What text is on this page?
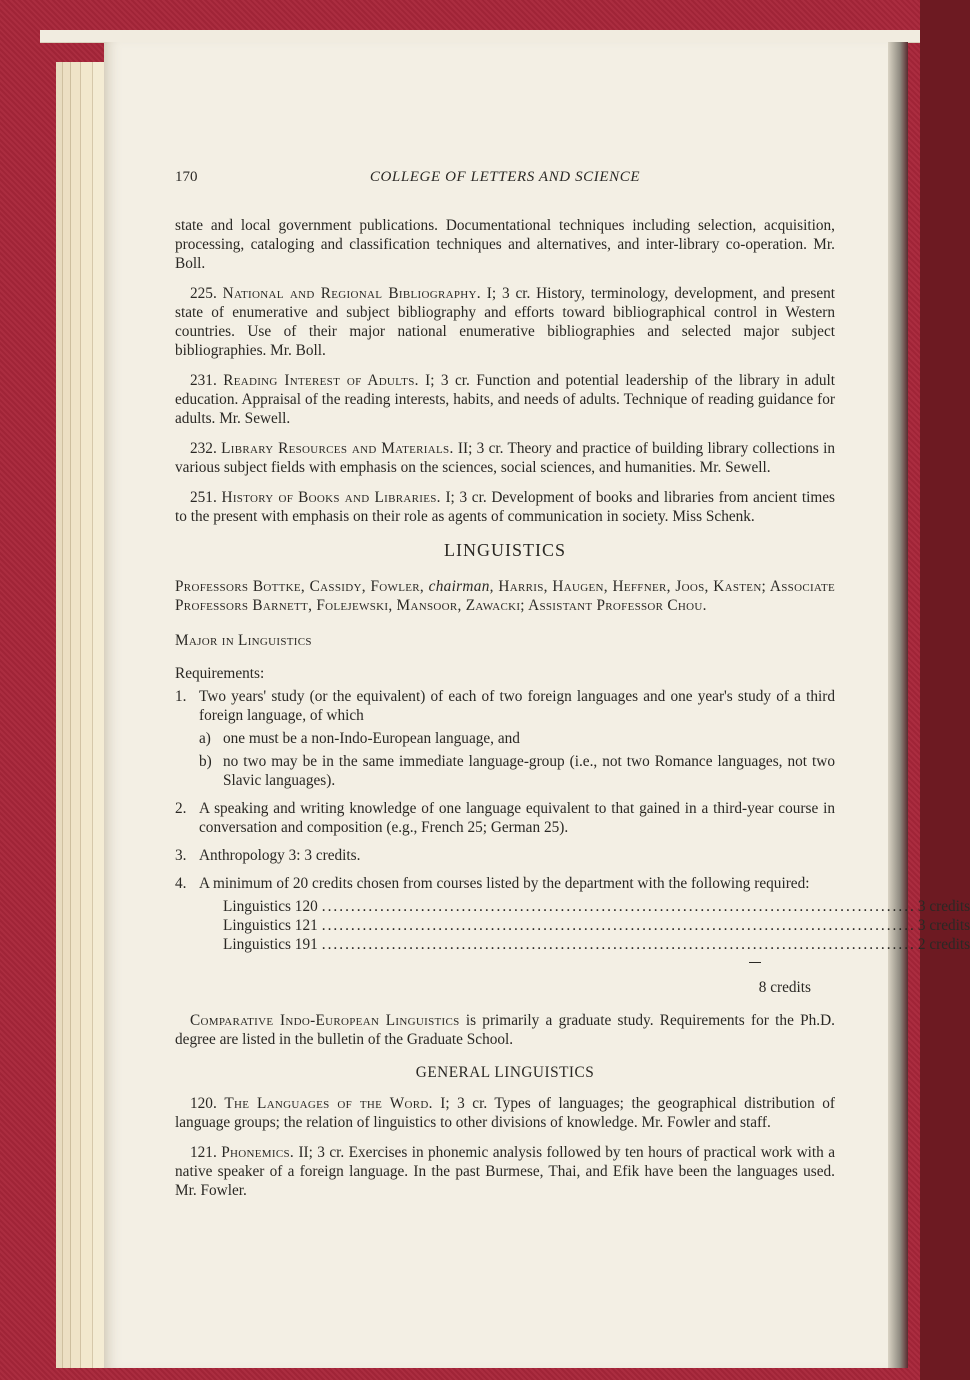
170	COLLEGE OF LETTERS AND SCIENCE

state and local government publications. Documentational techniques including selection, acquisition, processing, cataloging and classification techniques and alternatives, and inter-library co-operation. Mr. Boll.

225. National and Regional Bibliography. I; 3 cr. History, terminology, development, and present state of enumerative and subject bibliography and efforts toward bibliographical control in Western countries. Use of their major national enumerative bibliographies and selected major subject bibliographies. Mr. Boll.

231. Reading Interest of Adults. I; 3 cr. Function and potential leadership of the library in adult education. Appraisal of the reading interests, habits, and needs of adults. Technique of reading guidance for adults. Mr. Sewell.

232. Library Resources and Materials. II; 3 cr. Theory and practice of building library collections in various subject fields with emphasis on the sciences, social sciences, and humanities. Mr. Sewell.

251. History of Books and Libraries. I; 3 cr. Development of books and libraries from ancient times to the present with emphasis on their role as agents of communication in society. Miss Schenk.

LINGUISTICS
Professors Bottke, Cassidy, Fowler, chairman, Harris, Haugen, Heffner, Joos, Kasten; Associate Professors Barnett, Folejewski, Mansoor, Zawacki; Assistant Professor Chou.
Major in Linguistics
Requirements:
1. Two years' study (or the equivalent) of each of two foreign languages and one year's study of a third foreign language, of which
a) one must be a non-Indo-European language, and
b) no two may be in the same immediate language-group (i.e., not two Romance languages, not two Slavic languages).
2. A speaking and writing knowledge of one language equivalent to that gained in a third-year course in conversation and composition (e.g., French 25; German 25).
3. Anthropology 3: 3 credits.
4. A minimum of 20 credits chosen from courses listed by the department with the following required:
Linguistics 120 ...................................................................................................... 3 credits
Linguistics 121 ...................................................................................................... 3 credits
Linguistics 191 ...................................................................................................... 2 credits
8 credits

Comparative Indo-European Linguistics is primarily a graduate study. Requirements for the Ph.D. degree are listed in the bulletin of the Graduate School.

GENERAL LINGUISTICS

120. The Languages of the Word. I; 3 cr. Types of languages; the geographical distribution of language groups; the relation of linguistics to other divisions of knowledge. Mr. Fowler and staff.

121. Phonemics. II; 3 cr. Exercises in phonemic analysis followed by ten hours of practical work with a native speaker of a foreign language. In the past Burmese, Thai, and Efik have been the languages used. Mr. Fowler.
